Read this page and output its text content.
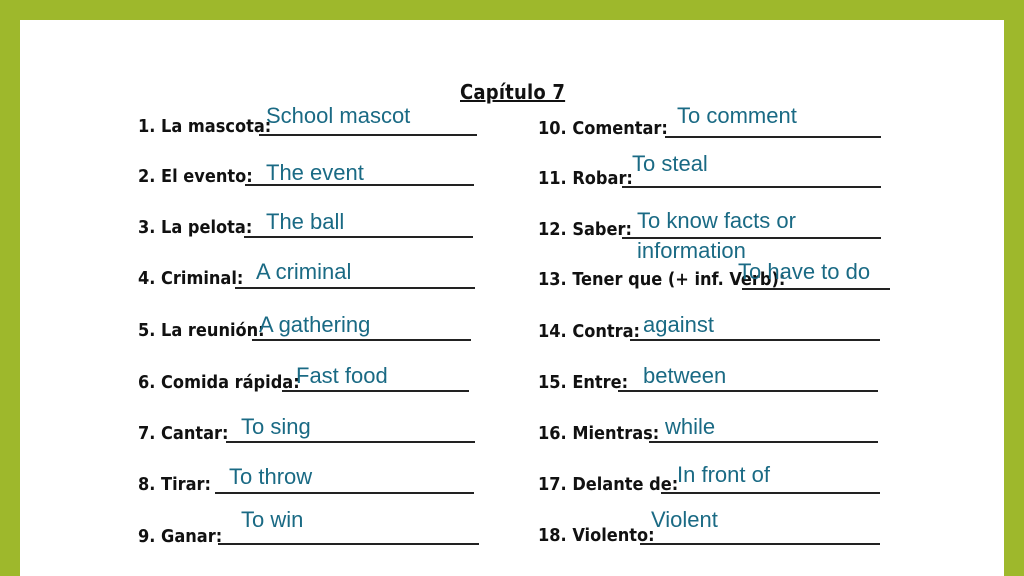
Capítulo 7
1. La mascota:
School mascot
2. El evento: The event
3. La pelota: The ball
4. Criminal: A criminal
5. La reunión:
A gathering
6. Comida rápida:
Fast food
7. Cantar: To sing
8. Tirar: To throw
9. Ganar:
To win
10. Comentar:
To comment
11. Robar:
To steal
12. Saber: To know facts or information
13. Tener que (+ inf. Verb):
To have to do
14. Contra: against
15. Entre: between
16. Mientras: while
17. Delante de:
In front of
18. Violento:
Violent
